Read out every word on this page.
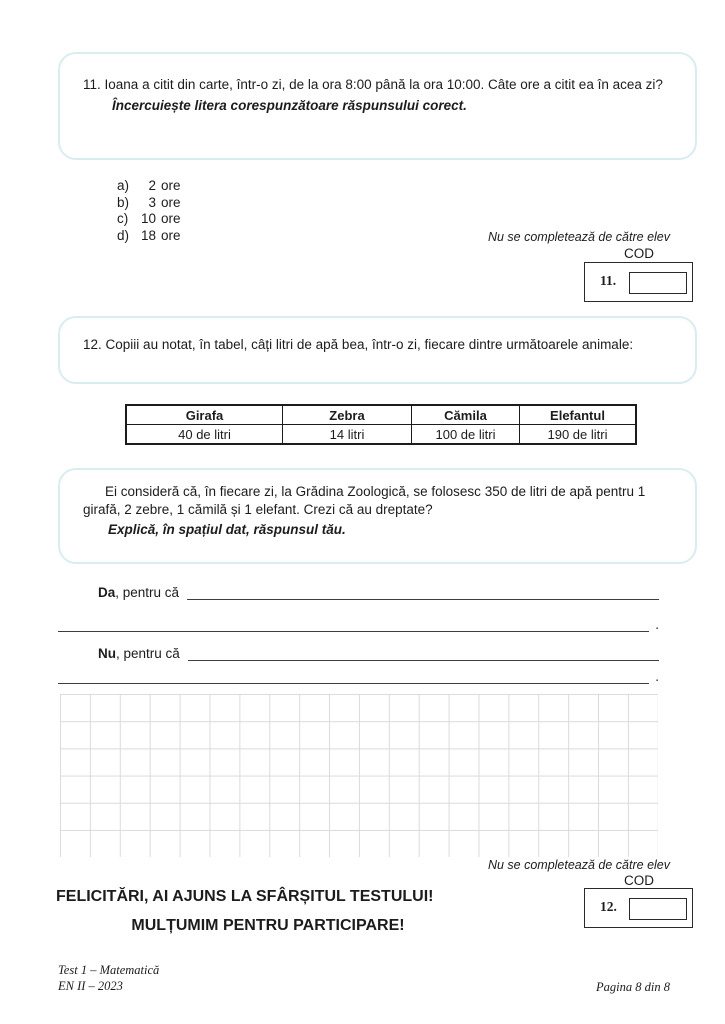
11. Ioana a citit din carte, într-o zi, de la ora 8:00 până la ora 10:00. Câte ore a citit ea în acea zi?

Încercuiește litera corespunzătoare răspunsului corect.

a)	2 ore
b)	3 ore
c) 10 ore
d) 18 ore	Nu se completează de către elev
COD
11.

12. Copiii au notat, în tabel, câți litri de apă bea, într-o zi, fiecare dintre următoarele animale:

Girafa	Zebra	Cămila	Elefantul
40 de litri	14 litri	100 de litri	190 de litri

Ei consideră că, în fiecare zi, la Grădina Zoologică, se folosesc 350 de litri de apă pentru 1 girafă, 2 zebre, 1 cămilă și 1 elefant. Crezi că au dreptate?

Explică, în spațiul dat, răspunsul tău.

Da , pentru că
.
Nu , pentru că
.
Nu se completează de către elev
COD
12.
FELICITĂRI, AI AJUNS LA SFÂRȘITUL TESTULUI!
MULȚUMIM PENTRU PARTICIPARE!
Test 1 – Matematică
EN II – 2023	Pagina 8 din 8
